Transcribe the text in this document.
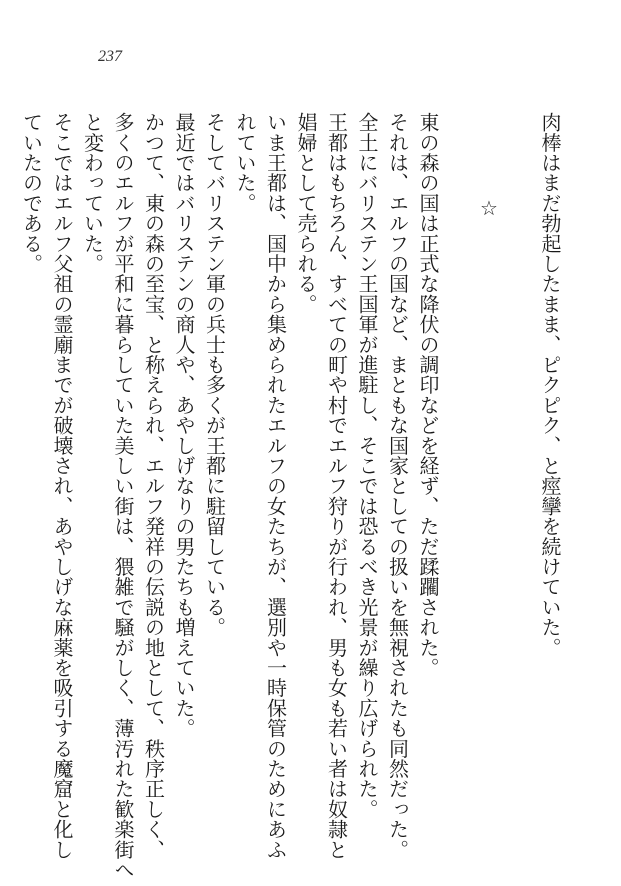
237
肉棒はまだ勃起したまま、ピクピク、と痙攣を続けていた。
☆
東の森の国は正式な降伏の調印などを経ず、ただ蹂躙された。
それは、エルフの国など、まともな国家としての扱いを無視されたも同然だった。
全土にバリステン王国軍が進駐し、そこでは恐るべき光景が繰り広げられた。
王都はもちろん、すべての町や村でエルフ狩りが行われ、男も女も若い者は奴隷と
娼婦として売られる。
いま王都は、国中から集められたエルフの女たちが、選別や一時保管のためにあふ
れていた。
そしてバリステン軍の兵士も多くが王都に駐留している。
最近ではバリステンの商人や、あやしげなりの男たちも増えていた。
かつて、東の森の至宝、と称えられ、エルフ発祥の伝説の地として、秩序正しく、
多くのエルフが平和に暮らしていた美しい街は、猥雑で騒がしく、薄汚れた歓楽街へ
と変わっていた。
そこではエルフ父祖の霊廟までが破壊され、あやしげな麻薬を吸引する魔窟と化し
ていたのである。
